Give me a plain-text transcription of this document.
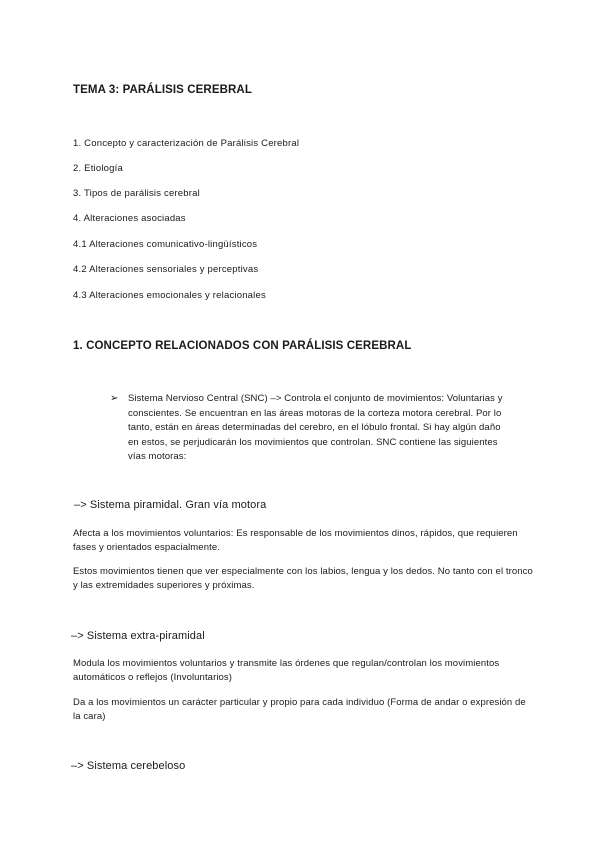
TEMA 3: PARÁLISIS CEREBRAL
1. Concepto y caracterización de Parálisis Cerebral
2. Etiología
3. Tipos de parálisis cerebral
4. Alteraciones asociadas
4.1 Alteraciones comunicativo-lingüísticos
4.2 Alteraciones sensoriales y perceptivas
4.3 Alteraciones emocionales y relacionales
1. CONCEPTO RELACIONADOS CON PARÁLISIS CEREBRAL
➢ Sistema Nervioso Central (SNC) –> Controla el conjunto de movimientos: Voluntarias y conscientes. Se encuentran en las áreas motoras de la corteza motora cerebral. Por lo tanto, están en áreas determinadas del cerebro, en el lóbulo frontal. Si hay algún daño en estos, se perjudicarán los movimientos que controlan. SNC contiene las siguientes vías motoras:
–> Sistema piramidal. Gran vía motora
Afecta a los movimientos voluntarios: Es responsable de los movimientos dinos, rápidos, que requieren fases y orientados espacialmente.
Estos movimientos tienen que ver especialmente con los labios, lengua y los dedos. No tanto con el tronco y las extremidades superiores y próximas.
–> Sistema extra-piramidal
Modula los movimientos voluntarios y transmite las órdenes que regulan/controlan los movimientos automáticos o reflejos (Involuntarios)
Da a los movimientos un carácter particular y propio para cada individuo (Forma de andar o expresión de la cara)
–> Sistema cerebeloso
